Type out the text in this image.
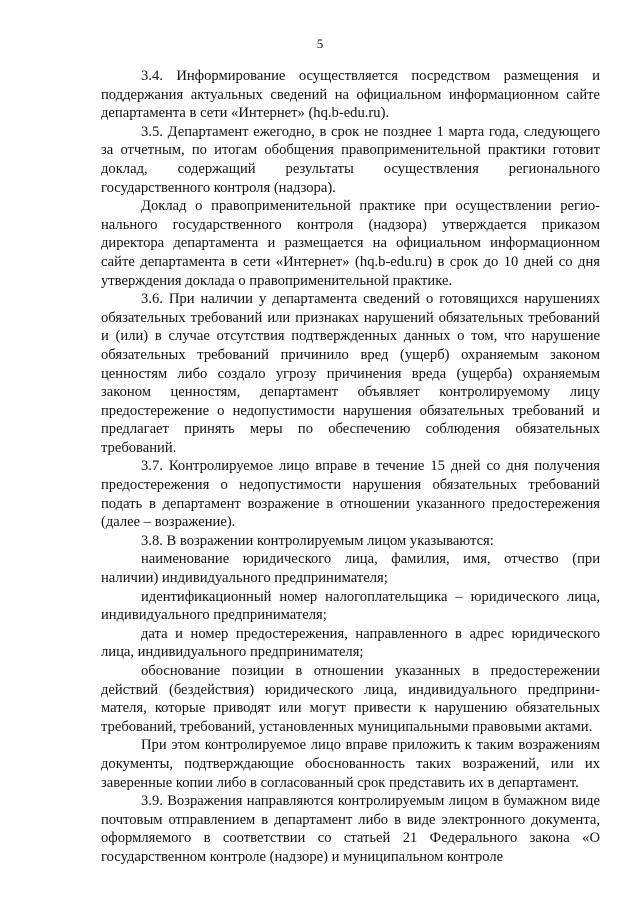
5

3.4. Информирование осуществляется посредством размещения и поддержания актуальных сведений на официальном информационном сайте департамента в сети «Интернет» (hq.b-edu.ru).

3.5. Департамент ежегодно, в срок не позднее 1 марта года, следующего за отчетным, по итогам обобщения правоприменительной практики готовит доклад, содержащий результаты осуществления регионального государственного контроля (надзора).

Доклад о правоприменительной практике при осуществлении регионального государственного контроля (надзора) утверждается приказом директора департамента и размещается на официальном информационном сайте департамента в сети «Интернет» (hq.b-edu.ru) в срок до 10 дней со дня утверждения доклада о правоприменительной практике.

3.6. При наличии у департамента сведений о готовящихся нарушениях обязательных требований или признаках нарушений обязательных требований и (или) в случае отсутствия подтвержденных данных о том, что нарушение обязательных требований причинило вред (ущерб) охраняемым законом ценностям либо создало угрозу причинения вреда (ущерба) охраняемым законом ценностям, департамент объявляет контролируемому лицу предостережение о недопустимости нарушения обязательных требований и предлагает принять меры по обеспечению соблюдения обязательных требований.

3.7. Контролируемое лицо вправе в течение 15 дней со дня получения предостережения о недопустимости нарушения обязательных требований подать в департамент возражение в отношении указанного предостережения (далее – возражение).

3.8. В возражении контролируемым лицом указываются:

наименование юридического лица, фамилия, имя, отчество (при наличии) индивидуального предпринимателя;

идентификационный номер налогоплательщика – юридического лица, индивидуального предпринимателя;

дата и номер предостережения, направленного в адрес юридического лица, индивидуального предпринимателя;

обоснование позиции в отношении указанных в предостережении действий (бездействия) юридического лица, индивидуального предпринимателя, которые приводят или могут привести к нарушению обязательных требований, требований, установленных муниципальными правовыми актами.

При этом контролируемое лицо вправе приложить к таким возражениям документы, подтверждающие обоснованность таких возражений, или их заверенные копии либо в согласованный срок представить их в департамент.

3.9. Возражения направляются контролируемым лицом в бумажном виде почтовым отправлением в департамент либо в виде электронного документа, оформляемого в соответствии со статьей 21 Федерального закона «О государственном контроле (надзоре) и муниципальном контроле
